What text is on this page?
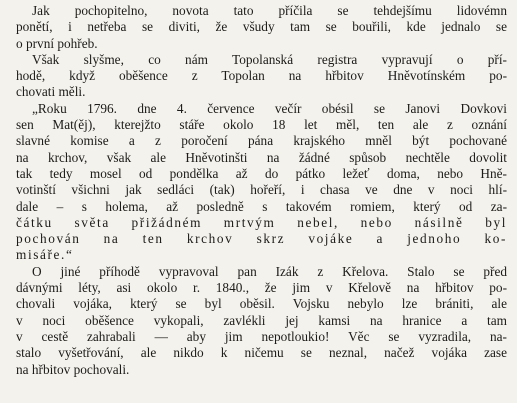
Jak pochopitelno, novota tato příčila se tehdejšímu lidovémn
ponětí, i netřeba se diviti, že všudy tam se bouřili, kde jednalo se
o první pohřeb.

Však slyšme, co nám Topolanská registra vypravují o pří-
hodě, když oběšence z Topolan na hřbitov Hněvotínském po-
chovati měli.

„Roku 1796. dne 4. července večír obésil se Janovi Dovkovi
sen Mat(ěj), kterejžto stáře okolo 18 let měl, ten ale z oznání
slavné komise a z poročení pána krajského mněl být pochované
na krchov, však ale Hněvotinšti na žádné spůsob nechtěle dovolit
tak tedy mosel od pondělka až do pátko ležeť doma, nebo Hně-
votinští všichni jak sedláci (tak) hořeří, i chasa ve dne v noci hlí-
dale – s holema, až posledně s takovém romiem, který od za-
čátku světa přižádném mrtvým nebel, nebo násilně byl
pochován na ten krchov skrz vojáke a jednoho ko-
misáře.“

O jiné příhodě vypravoval pan Izák z Křelova. Stalo se před
dávnými léty, asi okolo r. 1840., že jim v Křelově na hřbitov po-
chovali vojáka, který se byl oběsil. Vojsku nebylo lze brániti, ale
v noci oběšence vykopali, zavlékli jej kamsi na hranice a tam
v cestě zahrabali — aby jim nepotloukio! Věc se vyzradila, na-
stalo vyšetřování, ale nikdo k ničemu se neznal, načež vojáka zase
na hřbitov pochovali.
